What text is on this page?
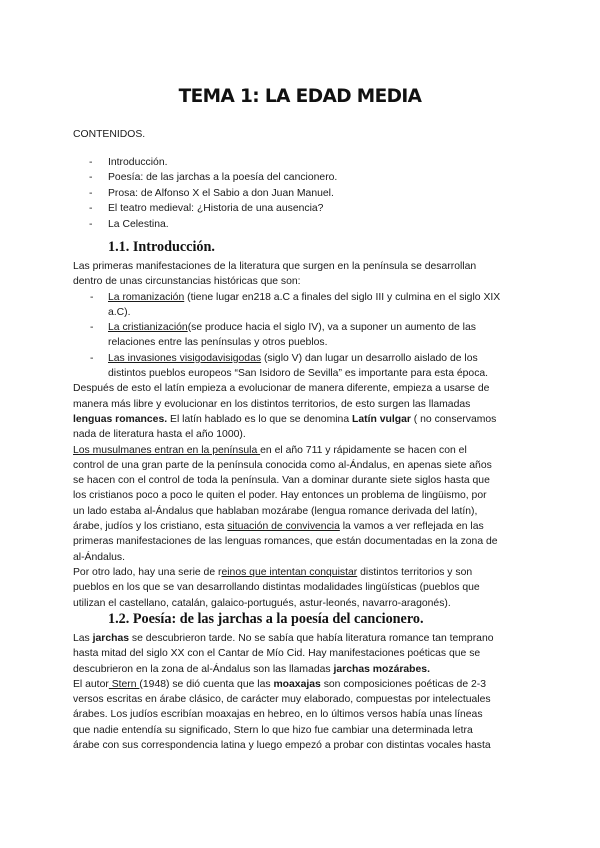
TEMA 1: LA EDAD MEDIA
CONTENIDOS.
- Introducción.
- Poesía: de las jarchas a la poesía del cancionero.
- Prosa: de Alfonso X el Sabio a don Juan Manuel.
- El teatro medieval: ¿Historia de una ausencia?
- La Celestina.
1.1. Introducción.

Las primeras manifestaciones de la literatura que surgen en la península se desarrollan

dentro de unas circunstancias históricas que son:

- La romanización (tiene lugar en218 a.C a finales del siglo III y culmina en el siglo XIX
a.C).
- La cristianización(se produce hacia el siglo IV), va a suponer un aumento de las
relaciones entre las penínsulas y otros pueblos.
- Las invasiones visigodavisigodas (siglo V) dan lugar un desarrollo aislado de los
distintos pueblos europeos “San Isidoro de Sevilla” es importante para esta época.

Después de esto el latín empieza a evolucionar de manera diferente, empieza a usarse de

manera más libre y evolucionar en los distintos territorios, de esto surgen las llamadas

lenguas romances. El latín hablado es lo que se denomina Latín vulgar ( no conservamos

nada de literatura hasta el año 1000).

Los musulmanes entran en la península en el año 711 y rápidamente se hacen con el

control de una gran parte de la península conocida como al-Ándalus, en apenas siete años

se hacen con el control de toda la península. Van a dominar durante siete siglos hasta que

los cristianos poco a poco le quiten el poder. Hay entonces un problema de lingüismo, por

un lado estaba al-Ándalus que hablaban mozárabe (lengua romance derivada del latín),

árabe, judíos y los cristiano, esta situación de convivencia la vamos a ver reflejada en las

primeras manifestaciones de las lenguas romances, que están documentadas en la zona de

al-Ándalus.

Por otro lado, hay una serie de reinos que intentan conquistar distintos territorios y son

pueblos en los que se van desarrollando distintas modalidades lingüísticas (pueblos que

utilizan el castellano, catalán, galaico-portugués, astur-leonés, navarro-aragonés).

1.2. Poesía: de las jarchas a la poesía del cancionero.

Las jarchas se descubrieron tarde. No se sabía que había literatura romance tan temprano

hasta mitad del siglo XX con el Cantar de Mío Cid. Hay manifestaciones poéticas que se

descubrieron en la zona de al-Ándalus son las llamadas jarchas mozárabes.

El autor Stern (1948) se dió cuenta que las moaxajas son composiciones poéticas de 2-3

versos escritas en árabe clásico, de carácter muy elaborado, compuestas por intelectuales

árabes. Los judíos escribían moaxajas en hebreo, en lo últimos versos había unas líneas

que nadie entendía su significado, Stern lo que hizo fue cambiar una determinada letra

árabe con sus correspondencia latina y luego empezó a probar con distintas vocales hasta
